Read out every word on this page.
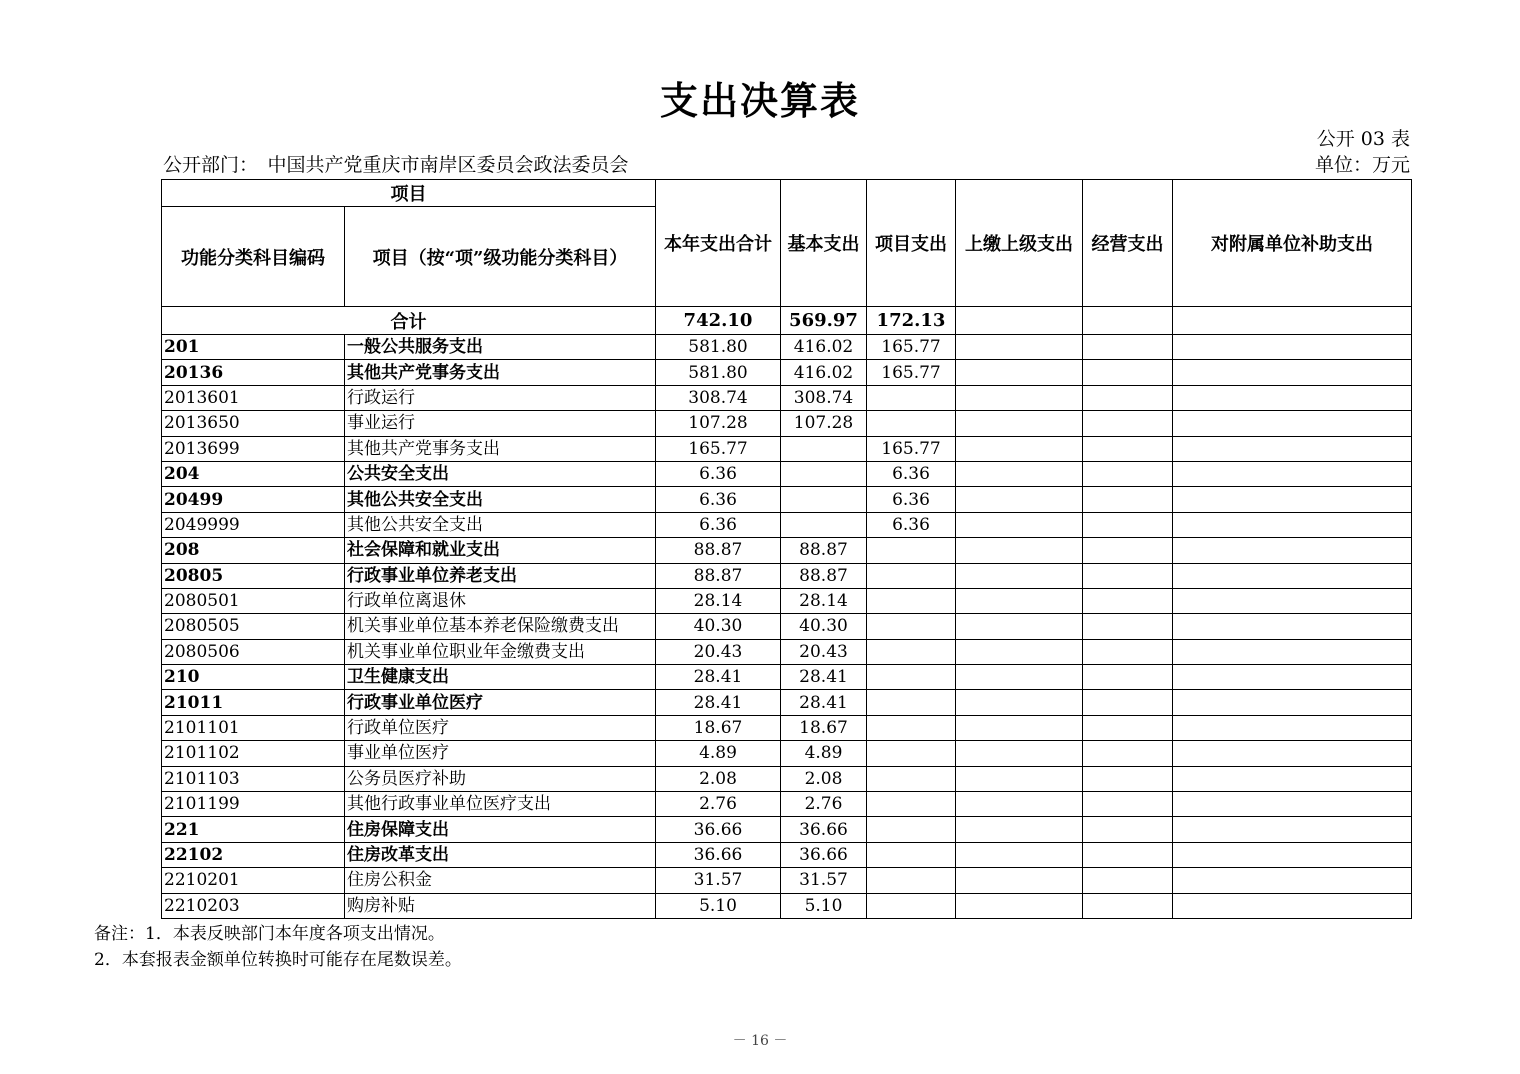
支出决算表
公开 03 表
公开部门：　中国共产党重庆市南岸区委员会政法委员会	单位：万元
项目		本年支出合计	基本支出	项目支出	上缴上级支出	经营支出	对附属单位补助支出
功能分类科目编码	项目（按“项”级功能分类科目）						
合计		742.10	569.97	172.13			
201	一般公共服务支出	581.80	416.02	165.77			
20136	其他共产党事务支出	581.80	416.02	165.77			
2013601	行政运行	308.74	308.74				
2013650	事业运行	107.28	107.28				
2013699	其他共产党事务支出	165.77		165.77			
204	公共安全支出	6.36		6.36			
20499	其他公共安全支出	6.36		6.36			
2049999	其他公共安全支出	6.36		6.36			
208	社会保障和就业支出	88.87	88.87				
20805	行政事业单位养老支出	88.87	88.87				
2080501	行政单位离退休	28.14	28.14				
2080505	机关事业单位基本养老保险缴费支出	40.30	40.30				
2080506	机关事业单位职业年金缴费支出	20.43	20.43				
210	卫生健康支出	28.41	28.41				
21011	行政事业单位医疗	28.41	28.41				
2101101	行政单位医疗	18.67	18.67				
2101102	事业单位医疗	4.89	4.89				
2101103	公务员医疗补助	2.08	2.08				
2101199	其他行政事业单位医疗支出	2.76	2.76				
221	住房保障支出	36.66	36.66				
22102	住房改革支出	36.66	36.66				
2210201	住房公积金	31.57	31.57				
2210203	购房补贴	5.10	5.10				
备注：1．本表反映部门本年度各项支出情况。
2．本套报表金额单位转换时可能存在尾数误差。
－ 16 －
